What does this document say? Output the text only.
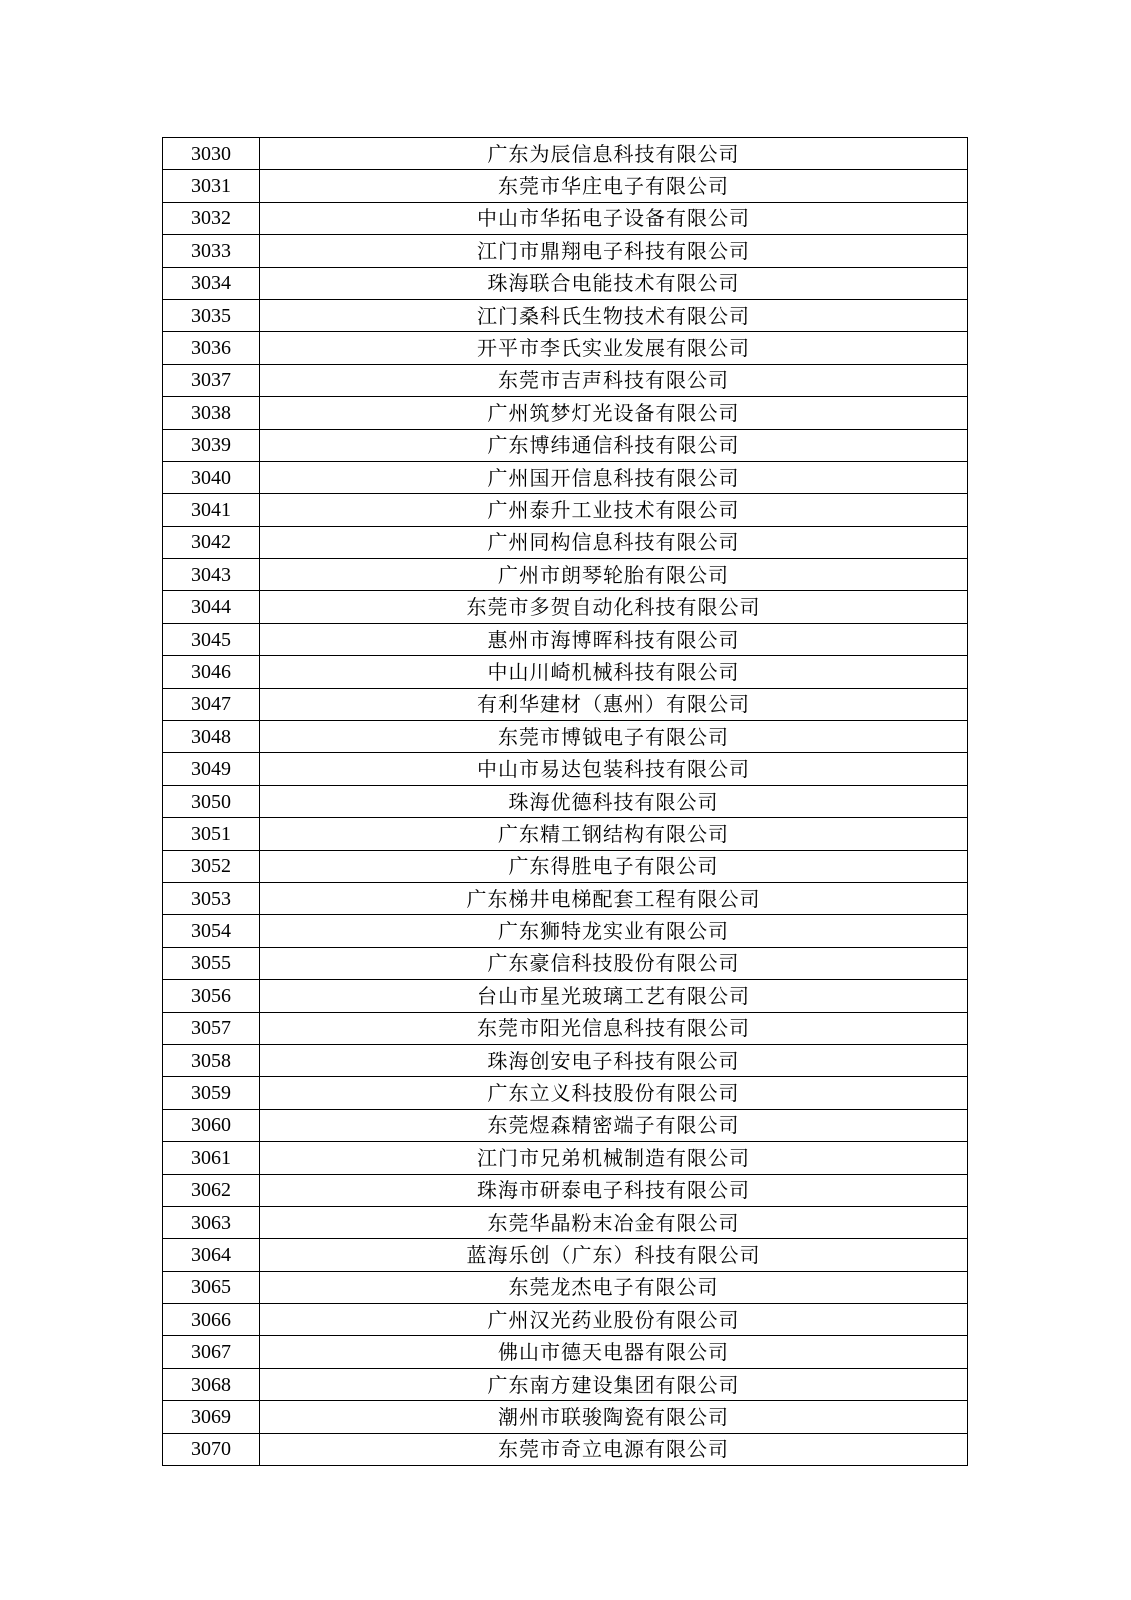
3030	广东为辰信息科技有限公司
3031	东莞市华庄电子有限公司
3032	中山市华拓电子设备有限公司
3033	江门市鼎翔电子科技有限公司
3034	珠海联合电能技术有限公司
3035	江门桑科氏生物技术有限公司
3036	开平市李氏实业发展有限公司
3037	东莞市吉声科技有限公司
3038	广州筑梦灯光设备有限公司
3039	广东博纬通信科技有限公司
3040	广州国开信息科技有限公司
3041	广州泰升工业技术有限公司
3042	广州同构信息科技有限公司
3043	广州市朗琴轮胎有限公司
3044	东莞市多贺自动化科技有限公司
3045	惠州市海博晖科技有限公司
3046	中山川崎机械科技有限公司
3047	有利华建材（惠州）有限公司
3048	东莞市博钺电子有限公司
3049	中山市易达包装科技有限公司
3050	珠海优德科技有限公司
3051	广东精工钢结构有限公司
3052	广东得胜电子有限公司
3053	广东梯井电梯配套工程有限公司
3054	广东狮特龙实业有限公司
3055	广东豪信科技股份有限公司
3056	台山市星光玻璃工艺有限公司
3057	东莞市阳光信息科技有限公司
3058	珠海创安电子科技有限公司
3059	广东立义科技股份有限公司
3060	东莞煜森精密端子有限公司
3061	江门市兄弟机械制造有限公司
3062	珠海市研泰电子科技有限公司
3063	东莞华晶粉末冶金有限公司
3064	蓝海乐创（广东）科技有限公司
3065	东莞龙杰电子有限公司
3066	广州汉光药业股份有限公司
3067	佛山市德天电器有限公司
3068	广东南方建设集团有限公司
3069	潮州市联骏陶瓷有限公司
3070	东莞市奇立电源有限公司
